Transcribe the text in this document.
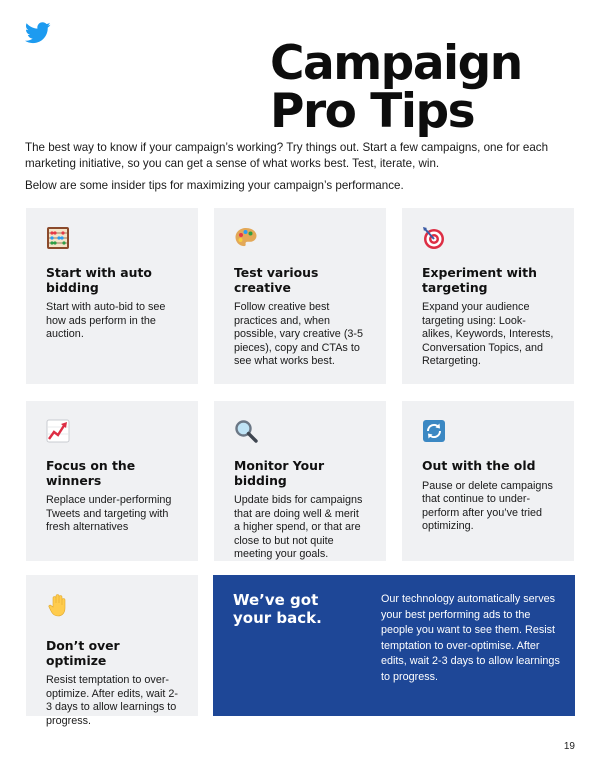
Campaign
Pro Tips

The best way to know if your campaign’s working? Try things out. Start a few campaigns, one for each marketing initiative, so you can get a sense of what works best. Test, iterate, win.

Below are some insider tips for maximizing your campaign’s performance.

Start with auto bidding

Start with auto-bid to see how ads perform in the auction.

Test various creative

Follow creative best practices and, when possible, vary creative (3-5 pieces), copy and CTAs to see what works best.

Experiment with targeting

Expand your audience targeting using: Look-alikes, Keywords, Interests, Conversation Topics, and Retargeting.

Focus on the winners

Replace under-performing Tweets and targeting with fresh alternatives

Monitor Your bidding

Update bids for campaigns that are doing well & merit a higher spend, or that are close to but not quite meeting your goals.

Out with the old

Pause or delete campaigns that continue to under-perform after you’ve tried optimizing.

Don’t over optimize

Resist temptation to over-optimize. After edits, wait 2-3 days to allow learnings to progress.

We’ve got your back.

Our technology automatically serves your best performing ads to the people you want to see them. Resist temptation to over-optimise. After edits, wait 2-3 days to allow learnings to progress.

19
